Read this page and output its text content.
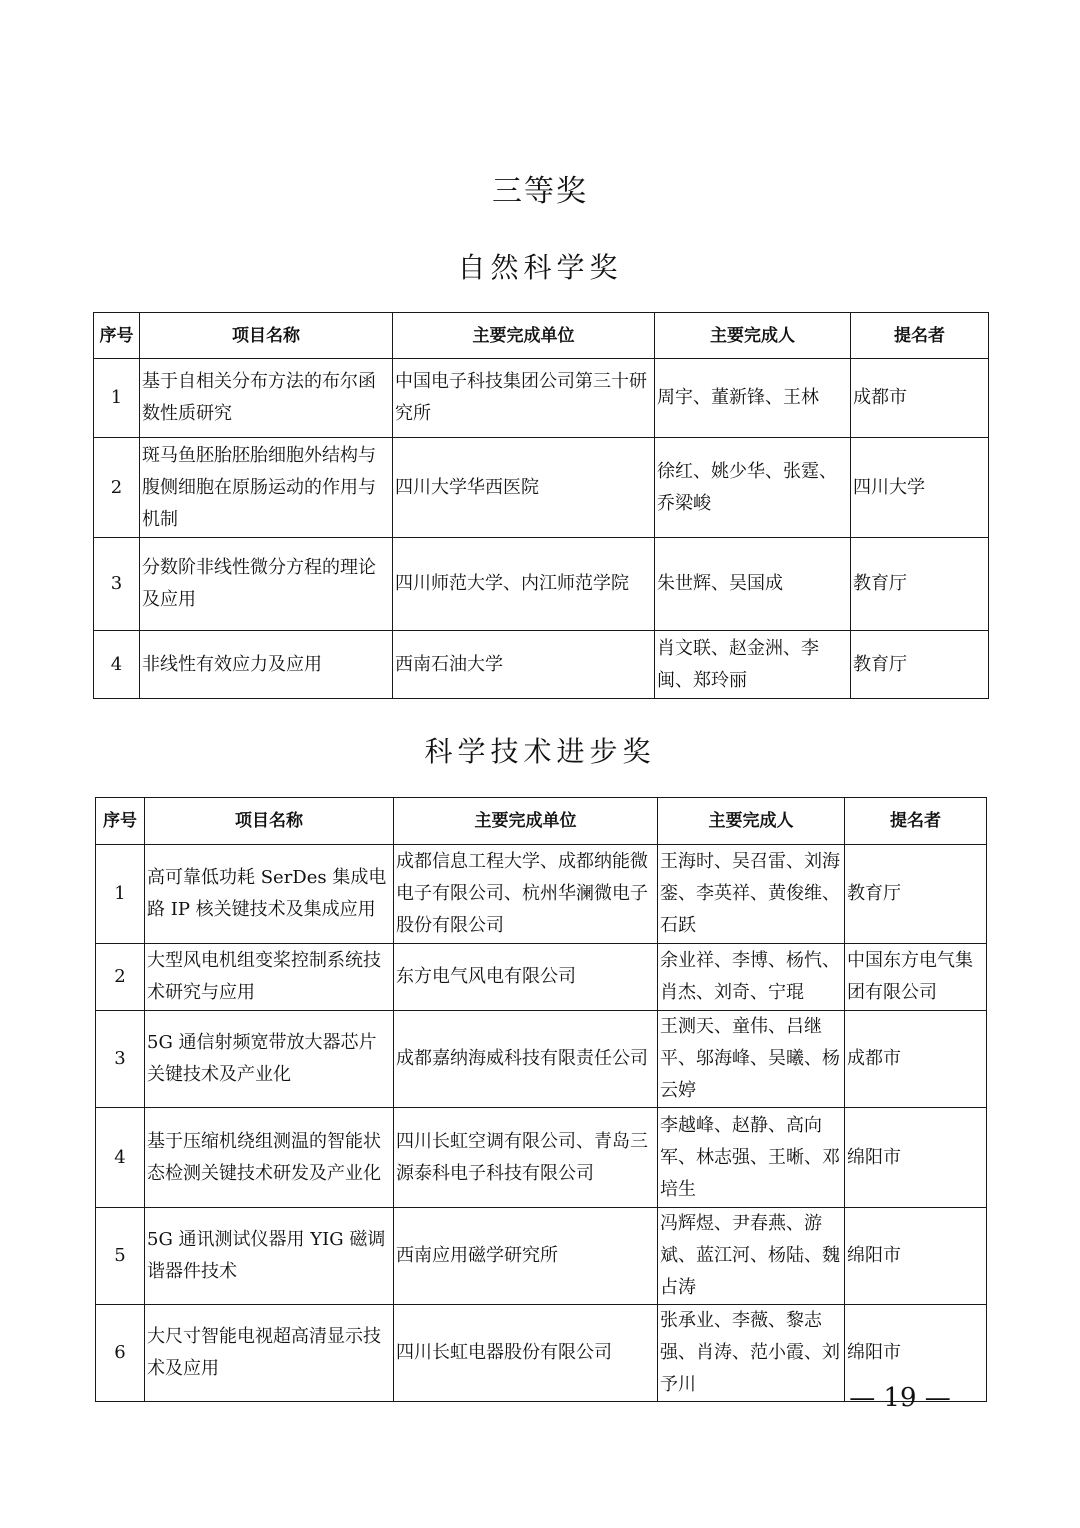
三等奖
自然科学奖
序号	项目名称	主要完成单位	主要完成人	提名者
1	基于自相关分布方法的布尔函数性质研究	中国电子科技集团公司第三十研究所	周宇、董新锋、王林	成都市
2	斑马鱼胚胎胚胎细胞外结构与腹侧细胞在原肠运动的作用与机制	四川大学华西医院	徐红、姚少华、张霆、乔梁峻	四川大学
3	分数阶非线性微分方程的理论及应用	四川师范大学、内江师范学院	朱世辉、吴国成	教育厅
4	非线性有效应力及应用	西南石油大学	肖文联、赵金洲、李闽、郑玲丽	教育厅
科学技术进步奖
序号	项目名称	主要完成单位	主要完成人	提名者
1	高可靠低功耗 SerDes 集成电路 IP 核关键技术及集成应用	成都信息工程大学、成都纳能微电子有限公司、杭州华澜微电子股份有限公司	王海时、吴召雷、刘海銮、李英祥、黄俊维、石跃	教育厅
2	大型风电机组变桨控制系统技术研究与应用	东方电气风电有限公司	余业祥、李博、杨忾、肖杰、刘奇、宁琨	中国东方电气集团有限公司
3	5G 通信射频宽带放大器芯片关键技术及产业化	成都嘉纳海威科技有限责任公司	王测天、童伟、吕继平、邬海峰、吴曦、杨云婷	成都市
4	基于压缩机绕组测温的智能状态检测关键技术研发及产业化	四川长虹空调有限公司、青岛三源泰科电子科技有限公司	李越峰、赵静、高向军、林志强、王晰、邓培生	绵阳市
5	5G 通讯测试仪器用 YIG 磁调谐器件技术	西南应用磁学研究所	冯辉煜、尹春燕、游斌、蓝江河、杨陆、魏占涛	绵阳市
6	大尺寸智能电视超高清显示技术及应用	四川长虹电器股份有限公司	张承业、李薇、黎志强、肖涛、范小霞、刘予川	绵阳市
— 19 —
